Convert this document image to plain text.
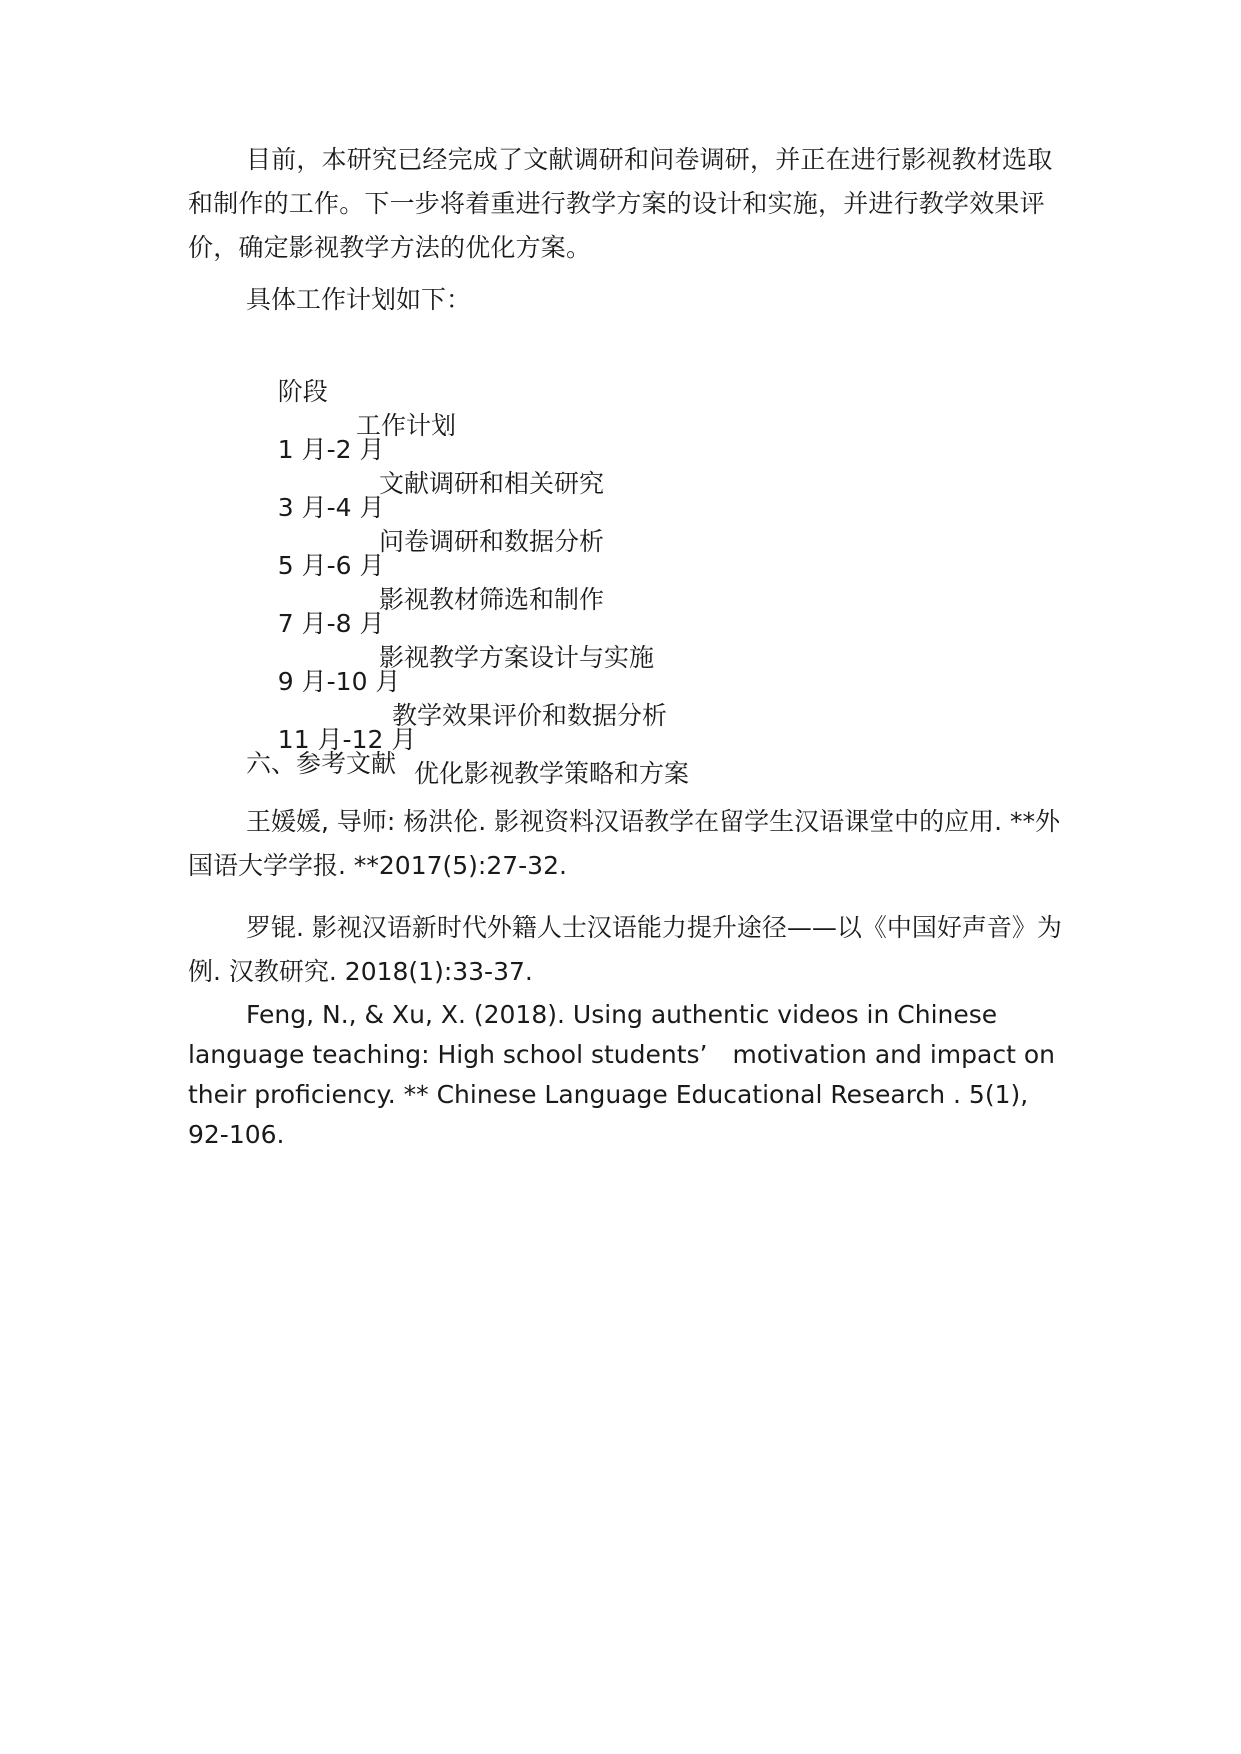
目前，本研究已经完成了文献调研和问卷调研，并正在进行影视教材选取和制作的工作。下一步将着重进行教学方案的设计和实施，并进行教学效果评价，确定影视教学方法的优化方案。

具体工作计划如下：

阶段

工作计划

1 月-2 月

文献调研和相关研究

3 月-4 月

问卷调研和数据分析

5 月-6 月

影视教材筛选和制作

7 月-8 月

影视教学方案设计与实施

9 月-10 月

教学效果评价和数据分析

11 月-12 月

优化影视教学策略和方案

六、参考文献

王媛媛, 导师: 杨洪伦. 影视资料汉语教学在留学生汉语课堂中的应用. **外国语大学学报. **2017(5):27-32.

罗锟. 影视汉语新时代外籍人士汉语能力提升途径——以《中国好声音》为例. 汉教研究. 2018(1):33-37.

Feng, N., & Xu, X. (2018). Using authentic videos in Chinese language teaching: High school students’　motivation and impact on their proficiency. ** Chinese Language Educational Research . 5(1), 92-106.
